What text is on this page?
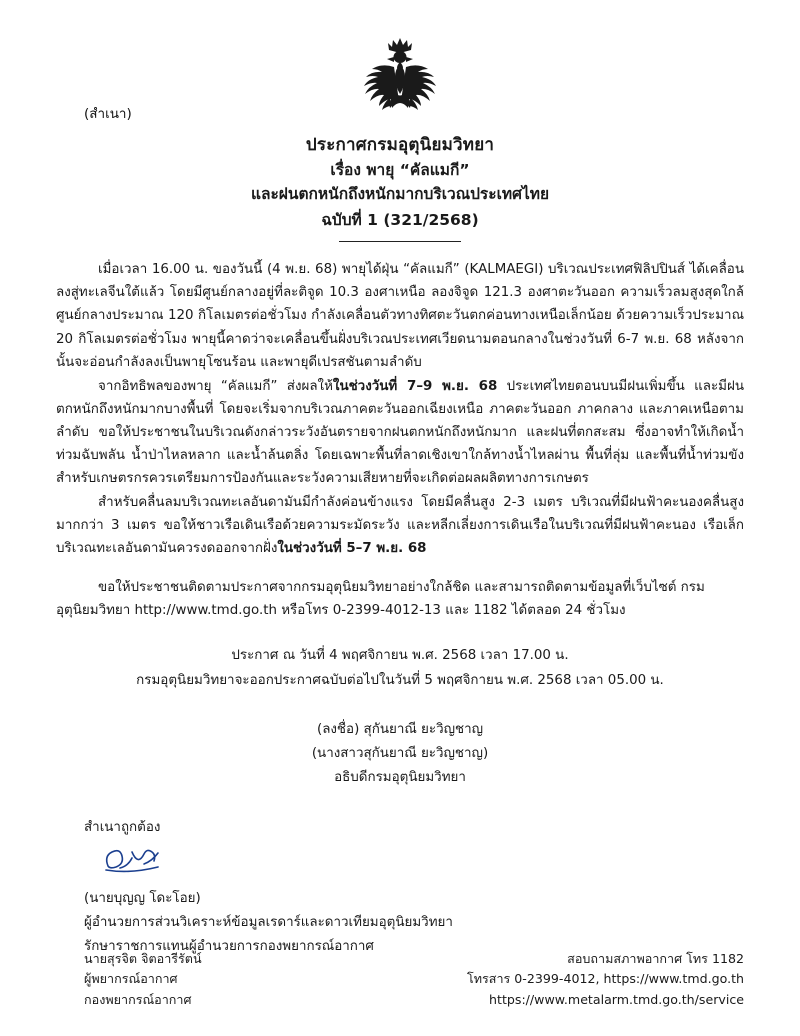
(สำเนา)
ประกาศกรมอุตุนิยมวิทยา
เรื่อง พายุ “คัลแมกี”
และฝนตกหนักถึงหนักมากบริเวณประเทศไทย
ฉบับที่ 1 (321/2568)

เมื่อเวลา 16.00 น. ของวันนี้ (4 พ.ย. 68) พายุได้ฝุ่น “คัลแมกี” (KALMAEGI) บริเวณประเทศฟิลิปปินส์ ได้เคลื่อนลงสู่ทะเลจีนใต้แล้ว โดยมีศูนย์กลางอยู่ที่ละติจูด 10.3 องศาเหนือ ลองจิจูด 121.3 องศาตะวันออก ความเร็วลมสูงสุดใกล้ศูนย์กลางประมาณ 120 กิโลเมตรต่อชั่วโมง กำลังเคลื่อนตัวทางทิศตะวันตกค่อนทางเหนือเล็กน้อย ด้วยความเร็วประมาณ 20 กิโลเมตรต่อชั่วโมง พายุนี้คาดว่าจะเคลื่อนขึ้นฝั่งบริเวณประเทศเวียดนามตอนกลางในช่วงวันที่ 6-7 พ.ย. 68 หลังจากนั้นจะอ่อนกำลังลงเป็นพายุโซนร้อน และพายุดีเปรสชันตามลำดับ

จากอิทธิพลของพายุ “คัลแมกี” ส่งผลให้ในช่วงวันที่ 7–9 พ.ย. 68 ประเทศไทยตอนบนมีฝนเพิ่มขึ้น และมีฝนตกหนักถึงหนักมากบางพื้นที่ โดยจะเริ่มจากบริเวณภาคตะวันออกเฉียงเหนือ ภาคตะวันออก ภาคกลาง และภาคเหนือตามลำดับ ขอให้ประชาชนในบริเวณดังกล่าวระวังอันตรายจากฝนตกหนักถึงหนักมาก และฝนที่ตกสะสม ซึ่งอาจทำให้เกิดน้ำท่วมฉับพลัน น้ำป่าไหลหลาก และน้ำล้นตลิ่ง โดยเฉพาะพื้นที่ลาดเชิงเขาใกล้ทางน้ำไหลผ่าน พื้นที่ลุ่ม และพื้นที่น้ำท่วมขัง สำหรับเกษตรกรควรเตรียมการป้องกันและระวังความเสียหายที่จะเกิดต่อผลผลิตทางการเกษตร

สำหรับคลื่นลมบริเวณทะเลอันดามันมีกำลังค่อนข้างแรง โดยมีคลื่นสูง 2-3 เมตร บริเวณที่มีฝนฟ้าคะนองคลื่นสูงมากกว่า 3 เมตร ขอให้ชาวเรือเดินเรือด้วยความระมัดระวัง และหลีกเลี่ยงการเดินเรือในบริเวณที่มีฝนฟ้าคะนอง เรือเล็กบริเวณทะเลอันดามันควรงดออกจากฝั่งในช่วงวันที่ 5–7 พ.ย. 68

ขอให้ประชาชนติดตามประกาศจากกรมอุตุนิยมวิทยาอย่างใกล้ชิด และสามารถติดตามข้อมูลที่เว็บไซต์ กรมอุตุนิยมวิทยา http://www.tmd.go.th หรือโทร 0-2399-4012-13 และ 1182 ได้ตลอด 24 ชั่วโมง

ประกาศ ณ วันที่ 4 พฤศจิกายน พ.ศ. 2568 เวลา 17.00 น.
กรมอุตุนิยมวิทยาจะออกประกาศฉบับต่อไปในวันที่ 5 พฤศจิกายน พ.ศ. 2568 เวลา 05.00 น.
(ลงชื่อ) สุกันยาณี ยะวิญชาญ
(นางสาวสุกันยาณี ยะวิญชาญ)
อธิบดีกรมอุตุนิยมวิทยา
สำเนาถูกต้อง
(นายบุญญ โดะโอย)
ผู้อำนวยการส่วนวิเคราะห์ข้อมูลเรดาร์และดาวเทียมอุตุนิยมวิทยา
รักษาราชการแทนผู้อำนวยการกองพยากรณ์อากาศ
นายสุรจิต จิตอารีรัตน์
ผู้พยากรณ์อากาศ
กองพยากรณ์อากาศ
สอบถามสภาพอากาศ โทร 1182
โทรสาร 0-2399-4012, https://www.tmd.go.th
https://www.metalarm.tmd.go.th/service
